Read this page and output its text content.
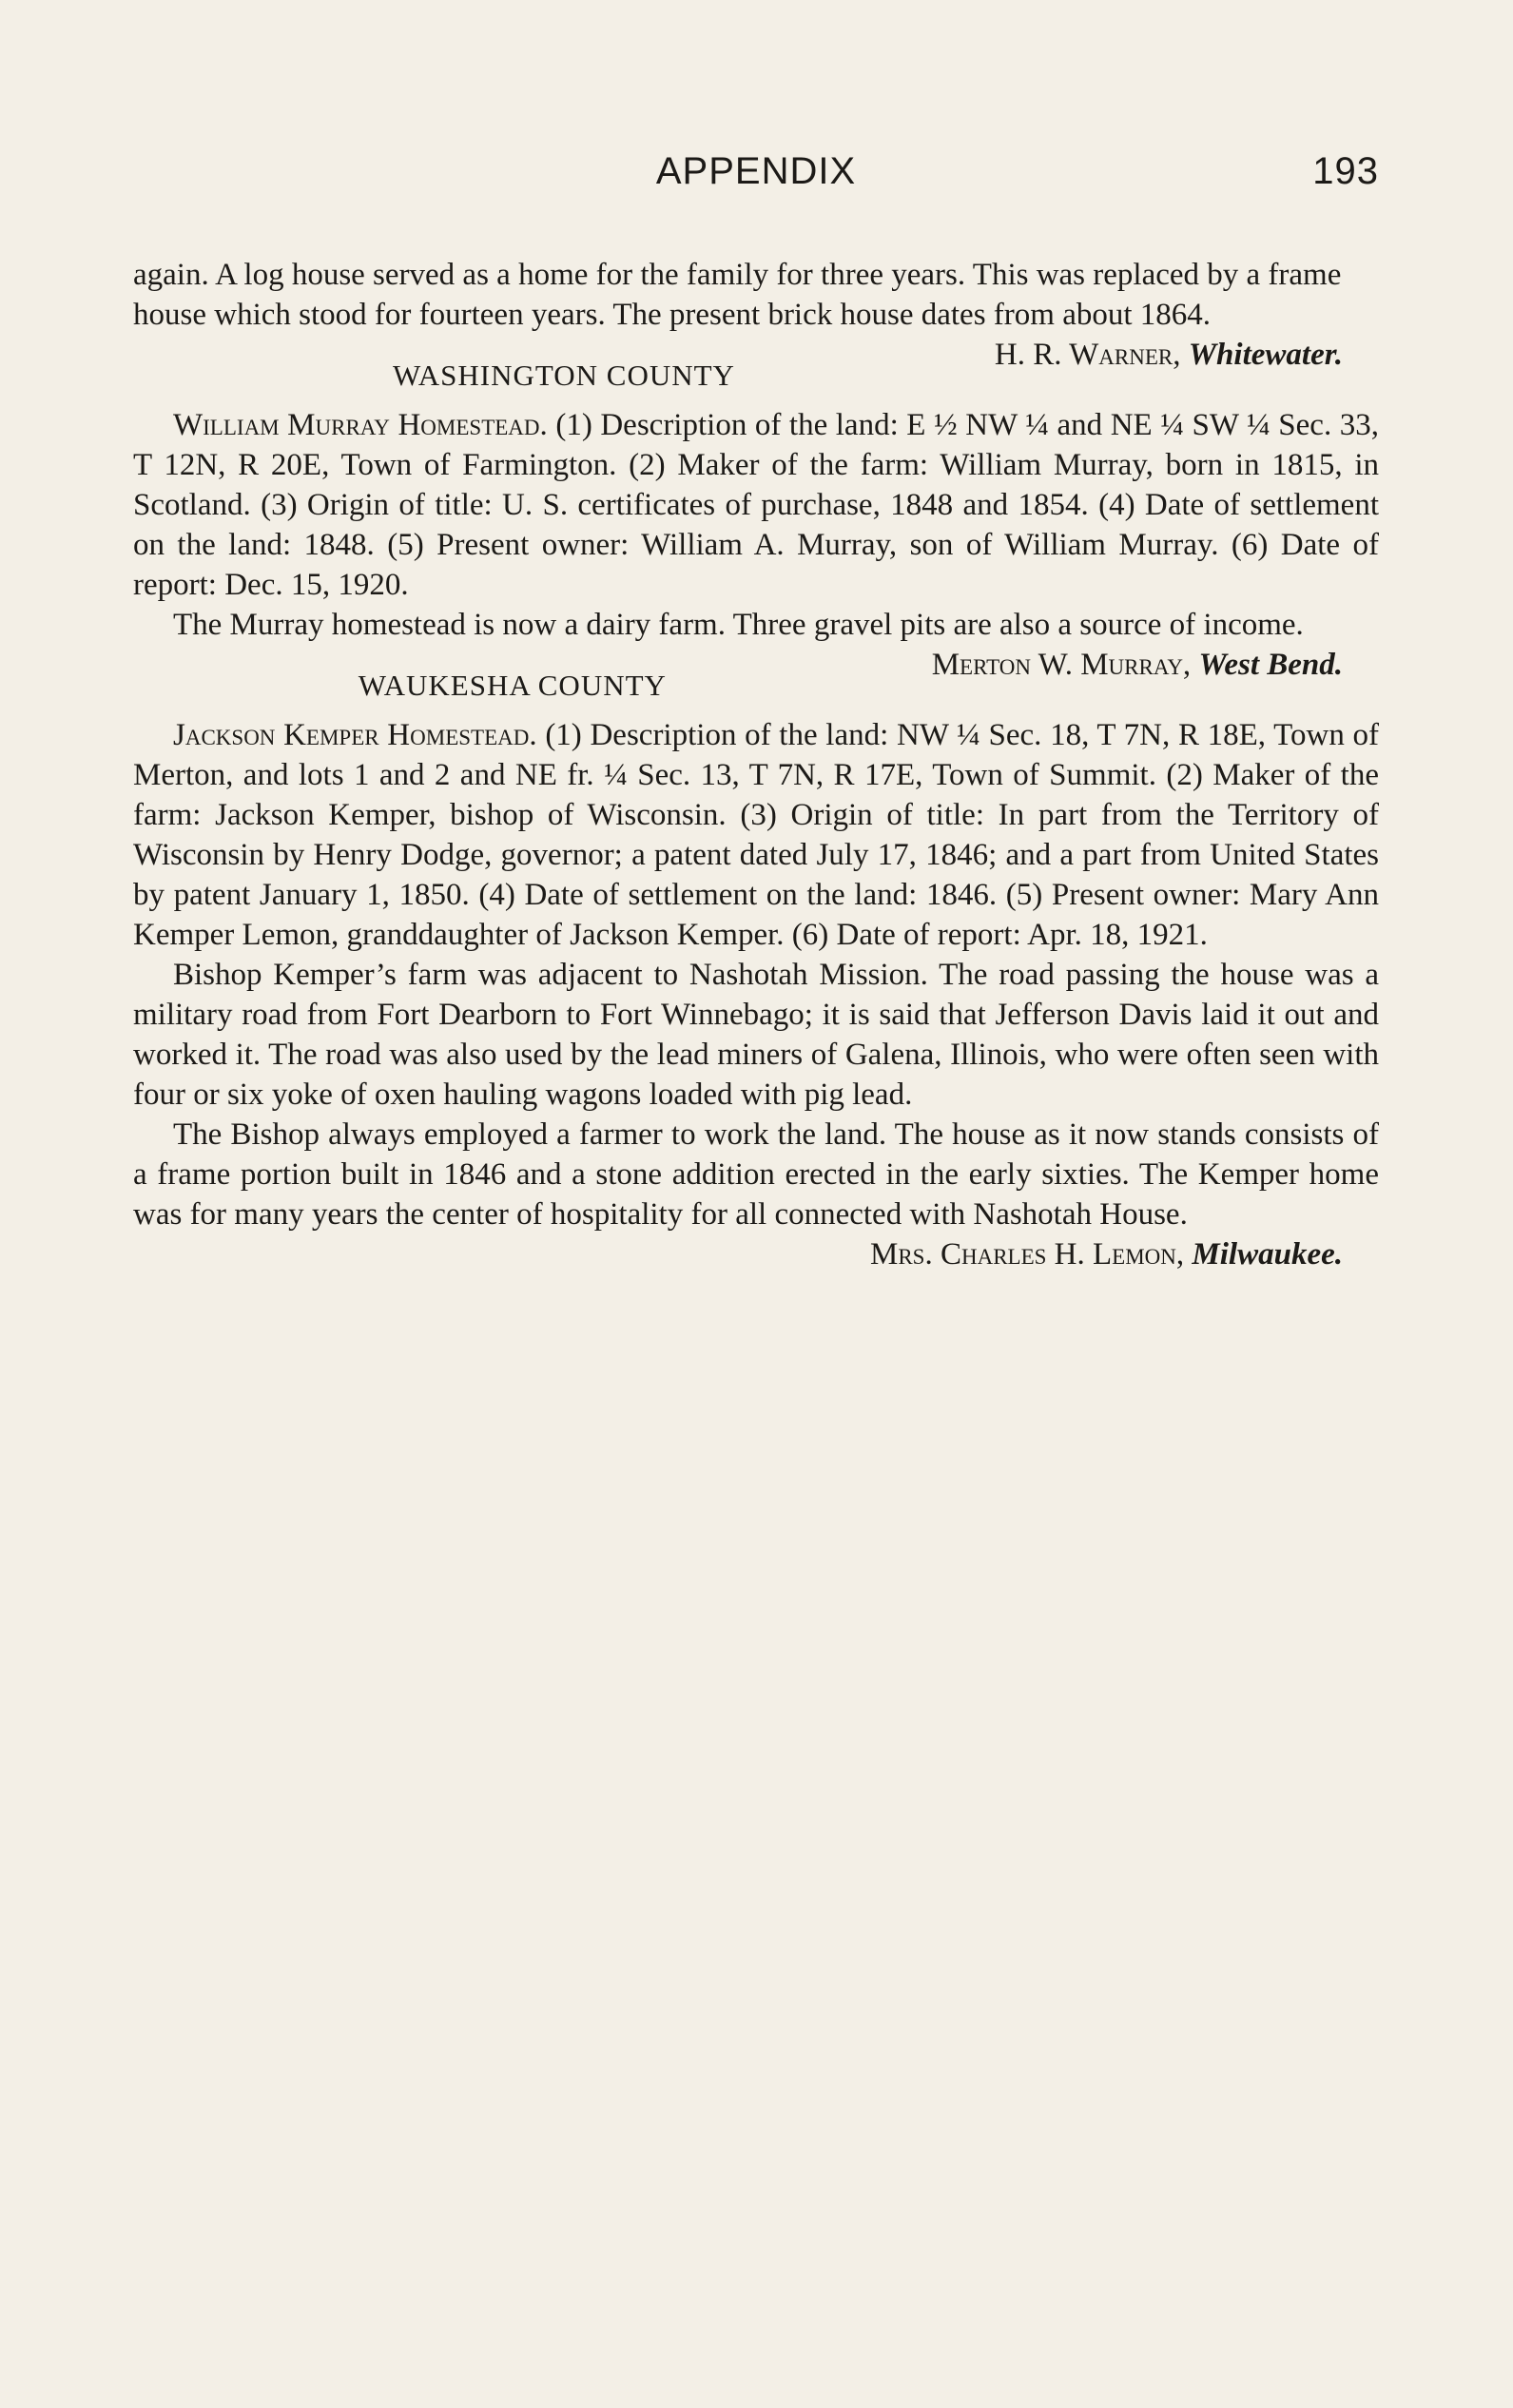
APPENDIX	193

again. A log house served as a home for the family for three years. This was replaced by a frame house which stood for fourteen years. The present brick house dates from about 1864.
H. R. Warner, Whitewater.

WASHINGTON COUNTY

William Murray Homestead. (1) Description of the land: E ½ NW ¼ and NE ¼ SW ¼ Sec. 33, T 12N, R 20E, Town of Farmington. (2) Maker of the farm: William Murray, born in 1815, in Scotland. (3) Origin of title: U. S. certificates of purchase, 1848 and 1854. (4) Date of settlement on the land: 1848. (5) Present owner: William A. Murray, son of William Murray. (6) Date of report: Dec. 15, 1920.

The Murray homestead is now a dairy farm. Three gravel pits are also a source of income.
Merton W. Murray, West Bend.

WAUKESHA COUNTY

Jackson Kemper Homestead. (1) Description of the land: NW ¼ Sec. 18, T 7N, R 18E, Town of Merton, and lots 1 and 2 and NE fr. ¼ Sec. 13, T 7N, R 17E, Town of Summit. (2) Maker of the farm: Jackson Kemper, bishop of Wisconsin. (3) Origin of title: In part from the Territory of Wisconsin by Henry Dodge, governor; a patent dated July 17, 1846; and a part from United States by patent January 1, 1850. (4) Date of settlement on the land: 1846. (5) Present owner: Mary Ann Kemper Lemon, granddaughter of Jackson Kemper. (6) Date of report: Apr. 18, 1921.

Bishop Kemper’s farm was adjacent to Nashotah Mission. The road passing the house was a military road from Fort Dearborn to Fort Winnebago; it is said that Jefferson Davis laid it out and worked it. The road was also used by the lead miners of Galena, Illinois, who were often seen with four or six yoke of oxen hauling wagons loaded with pig lead.

The Bishop always employed a farmer to work the land. The house as it now stands consists of a frame portion built in 1846 and a stone addition erected in the early sixties. The Kemper home was for many years the center of hospitality for all connected with Nashotah House.

Mrs. Charles H. Lemon, Milwaukee.
